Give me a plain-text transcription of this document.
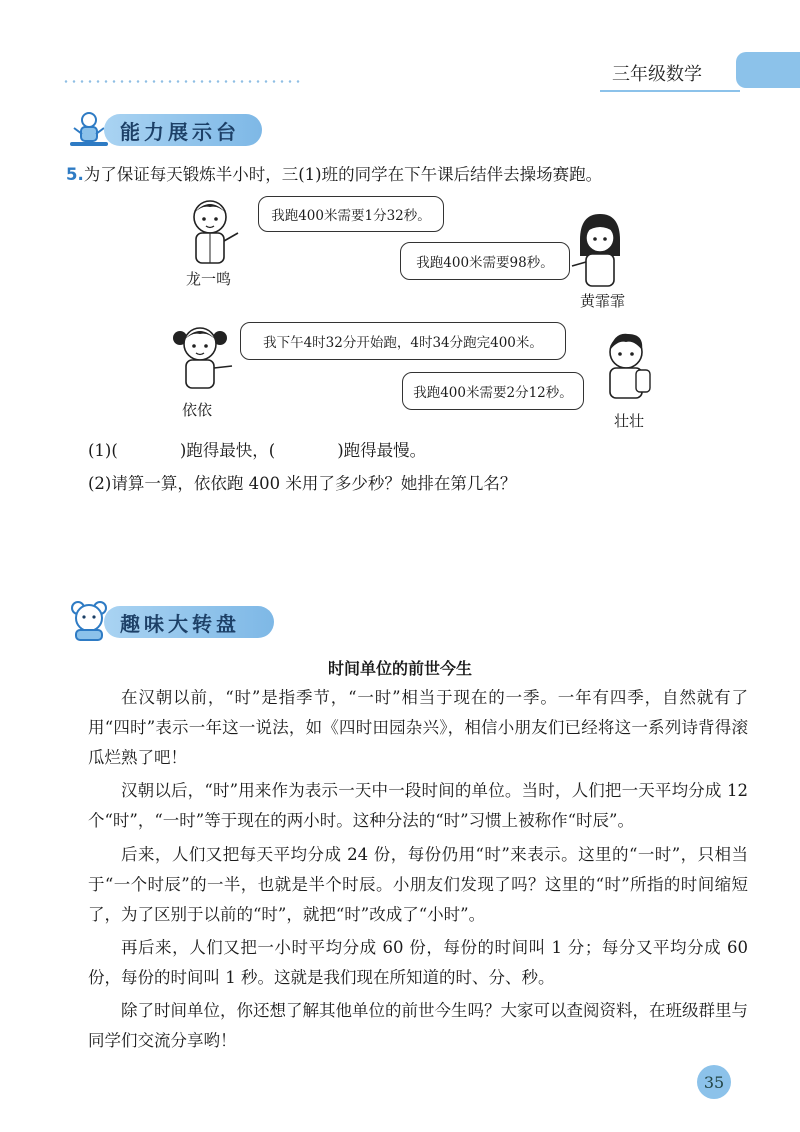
三年级数学
能力展示台
5.为了保证每天锻炼半小时，三(1)班的同学在下午课后结伴去操场赛跑。
龙一鸣
我跑400米需要1分32秒。
我跑400米需要98秒。
黄霏霏
依依
我下午4时32分开始跑，4时34分跑完400米。
我跑400米需要2分12秒。
壮壮
(1)(	)跑得最快，(	)跑得最慢。
(2)请算一算，依依跑 400 米用了多少秒？她排在第几名？
趣味大转盘
时间单位的前世今生
在汉朝以前，“时”是指季节，“一时”相当于现在的一季。一年有四季，自然就有了用“四时”表示一年这一说法，如《四时田园杂兴》，相信小朋友们已经将这一系列诗背得滚瓜烂熟了吧！
汉朝以后，“时”用来作为表示一天中一段时间的单位。当时，人们把一天平均分成 12 个“时”，“一时”等于现在的两小时。这种分法的“时”习惯上被称作“时辰”。
后来，人们又把每天平均分成 24 份，每份仍用“时”来表示。这里的“一时”，只相当于“一个时辰”的一半，也就是半个时辰。小朋友们发现了吗？这里的“时”所指的时间缩短了，为了区别于以前的“时”，就把“时”改成了“小时”。
再后来，人们又把一小时平均分成 60 份，每份的时间叫 1 分；每分又平均分成 60 份，每份的时间叫 1 秒。这就是我们现在所知道的时、分、秒。
除了时间单位，你还想了解其他单位的前世今生吗？大家可以查阅资料，在班级群里与同学们交流分享哟！
35
